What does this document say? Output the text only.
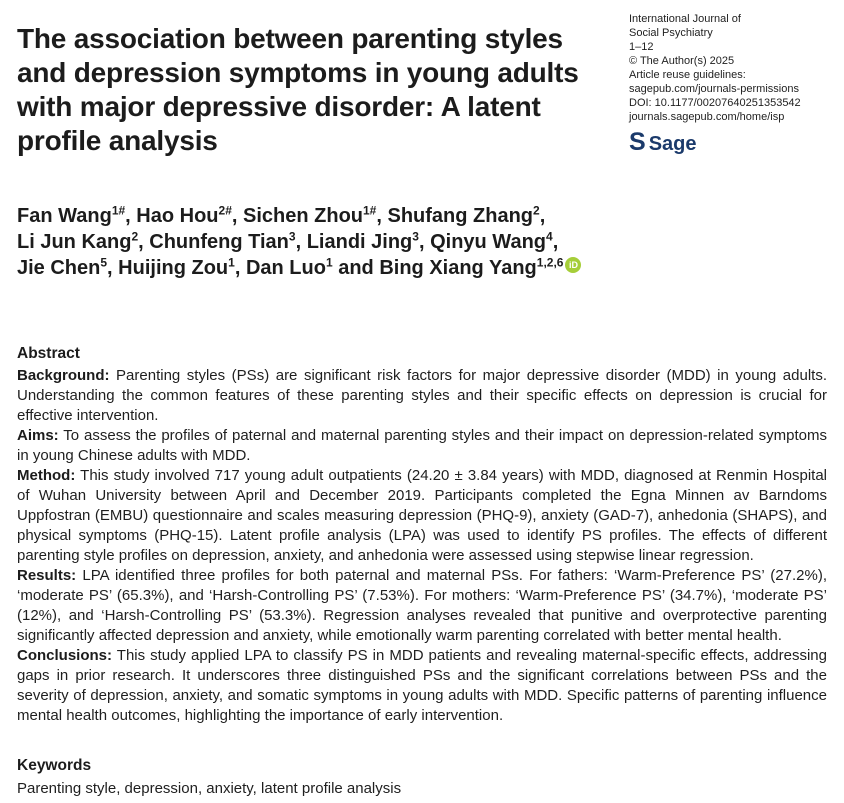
The association between parenting styles and depression symptoms in young adults with major depressive disorder: A latent profile analysis
International Journal of
Social Psychiatry
1–12
© The Author(s) 2025
Article reuse guidelines:
sagepub.com/journals-permissions
DOI: 10.1177/00207640251353542
journals.sagepub.com/home/isp
S Sage
Fan Wang$^{1\#}$, Hao Hou$^{2\#}$, Sichen Zhou$^{1\#}$, Shufang Zhang$^2$,
Li Jun Kang$^2$, Chunfeng Tian$^3$, Liandi Jing$^3$, Qinyu Wang$^4$,
Jie Chen$^5$, Huijing Zou$^1$, Dan Luo$^1$ and Bing Xiang Yang$^{1,2,6}$ iD
Abstract

Background: Parenting styles (PSs) are significant risk factors for major depressive disorder (MDD) in young adults. Understanding the common features of these parenting styles and their specific effects on depression is crucial for effective intervention.

Aims: To assess the profiles of paternal and maternal parenting styles and their impact on depression-related symptoms in young Chinese adults with MDD.

Method: This study involved 717 young adult outpatients (24.20 ± 3.84 years) with MDD, diagnosed at Renmin Hospital of Wuhan University between April and December 2019. Participants completed the Egna Minnen av Barndoms Uppfostran (EMBU) questionnaire and scales measuring depression (PHQ-9), anxiety (GAD-7), anhedonia (SHAPS), and physical symptoms (PHQ-15). Latent profile analysis (LPA) was used to identify PS profiles. The effects of different parenting style profiles on depression, anxiety, and anhedonia were assessed using stepwise linear regression.

Results: LPA identified three profiles for both paternal and maternal PSs. For fathers: ‘Warm-Preference PS’ (27.2%), ‘moderate PS’ (65.3%), and ‘Harsh-Controlling PS’ (7.53%). For mothers: ‘Warm-Preference PS’ (34.7%), ‘moderate PS’ (12%), and ‘Harsh-Controlling PS’ (53.3%). Regression analyses revealed that punitive and overprotective parenting significantly affected depression and anxiety, while emotionally warm parenting correlated with better mental health.

Conclusions: This study applied LPA to classify PS in MDD patients and revealing maternal-specific effects, addressing gaps in prior research. It underscores three distinguished PSs and the significant correlations between PSs and the severity of depression, anxiety, and somatic symptoms in young adults with MDD. Specific patterns of parenting influence mental health outcomes, highlighting the importance of early intervention.

Keywords

Parenting style, depression, anxiety, latent profile analysis
